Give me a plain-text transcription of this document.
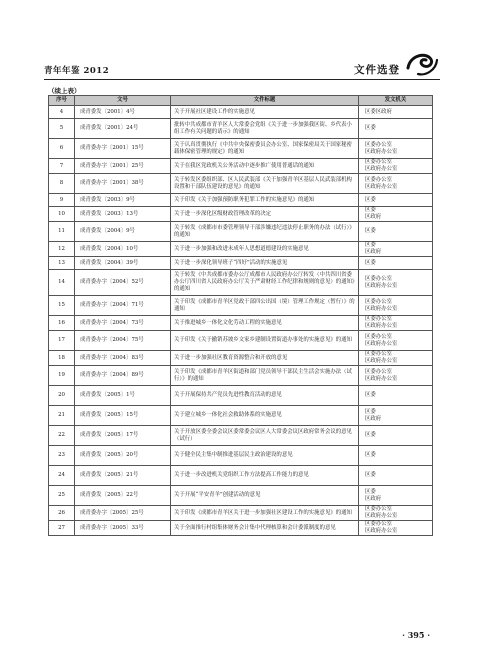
青年年鉴 2012	文件选登
（续上表）
序号	文号	文件标题	发文机关
4	成青委发〔2001〕4号	关于开展社区建设工作的实施意见	区委区政府
5	成青委发〔2001〕24号	批转中共成都市青羊区人大常委会党组《关于进一步加强我区街、乡代表小组工作有关问题的请示》的通知	区委
6	成青委办字〔2001〕15号	关于认真贯彻执行《中共中央保密委员会办公室、国家保密局关于国家秘密载体保密管理的规定》的通知	区委办公室
区政府办公室
7	成青委办字〔2001〕25号	关于在我区党政机关公务活动中逐步推广使用普通话的通知	区委办公室
区政府办公室
8	成青委办字〔2001〕38号	关于转发区委组织部、区人民武装部《关于加强青羊区基层人民武装部机构设置和干部队伍建设的意见》的通知	区委办公室
区政府办公室
9	成青委发〔2003〕9号	关于印发《关于加强预防职务犯罪工作的实施意见》的通知	区委
10	成青委发〔2003〕13号	关于进一步深化区级财政管理改革的决定	区委
区政府
11	成青委发〔2004〕9号	关于转发《成都市市委管理领导干部涉嫌违纪违法停止职务的办法（试行）》的通知	区委
12	成青委发〔2004〕10号	关于进一步加强和改进未成年人思想道德建设的实施意见	区委
区政府
13	成青委发〔2004〕39号	关于进一步深化领导班子“四好”活动的实施意见	区委
14	成青委办字〔2004〕52号	关于转发《中共成都市委办公厅成都市人民政府办公厅转发（中共四川省委办公厅四川省人民政府办公厅关于严肃财经工作纪律和规则的意见）的通知》的通知	区委办公室
区政府办公室
15	成青委办字〔2004〕71号	关于印发《成都市青羊区党政干部四公出国（境）管理工作规定（暂行）》的通知	区委办公室
区政府办公室
16	成青委办字〔2004〕73号	关于推进城乡一体化文化劳动工程的实施意见	区委办公室
区政府办公室
17	成青委办字〔2004〕75号	关于印发《关于撤销苏坡乡文家乡建制设置街道办事处的实施意见》的通知	区委办公室
区政府办公室
18	成青委办字〔2004〕83号	关于进一步加强社区教育资源整合和开放的意见	区委办公室
区政府办公室
19	成青委办字〔2004〕89号	关于印发《成都市青羊区街道和部门党员领导干部民主生活会实施办法（试行）》的通知	区委办公室
区政府办公室
20	成青委发〔2005〕1号	关于开展保持共产党员先进性教育活动的意见	区委
21	成青委发〔2005〕15号	关于建立城乡一体化社会救助体系的实施意见	区委
区政府
22	成青委发〔2005〕17号	关于开放区委全委会议区委常委会议区人大常委会议区政府常务会议的意见（试行）	区委
23	成青委发〔2005〕20号	关于健全民主集中制推进基层民主政治建设的意见	区委
24	成青委发〔2005〕21号	关于进一步改进机关党组织工作方法提高工作能力的意见	区委
25	成青委发〔2005〕22号	关于开展“平安青羊”创建活动的意见	区委
区政府
26	成青委办字〔2005〕25号	关于印发《成都市青羊区关于进一步加强社区建设工作的实施意见》的通知	区委办公室
区政府办公室
27	成青委办字〔2005〕33号	关于全面推行村组集体财务会计集中代理核算和会计委派制度的意见	区委办公室
区政府办公室
· 395 ·
